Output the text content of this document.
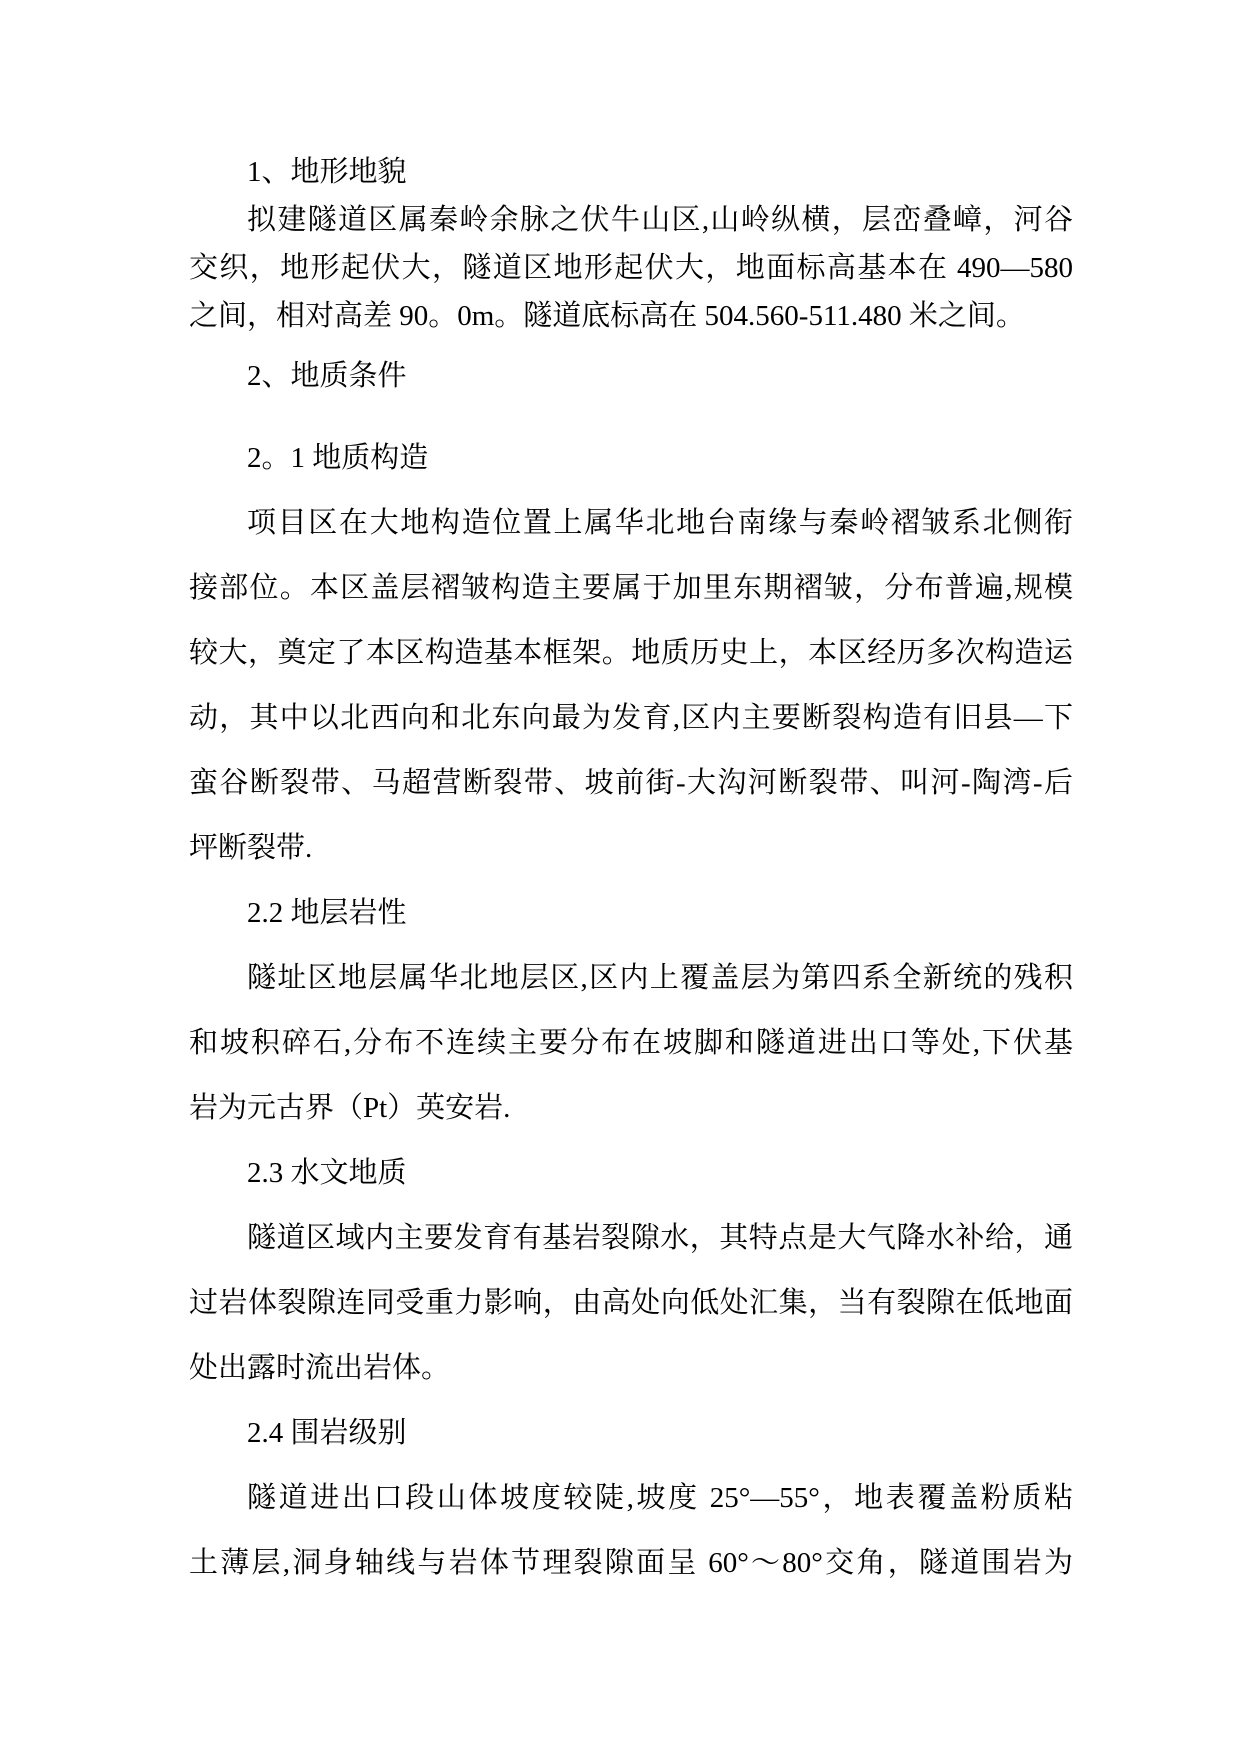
1、地形地貌
拟建隧道区属秦岭余脉之伏牛山区,山岭纵横，层峦叠嶂，河谷
交织，地形起伏大，隧道区地形起伏大，地面标高基本在 490—580
之间，相对高差 90。0m。隧道底标高在 504.560-511.480 米之间。
2、地质条件
2。1 地质构造
项目区在大地构造位置上属华北地台南缘与秦岭褶皱系北侧衔
接部位。本区盖层褶皱构造主要属于加里东期褶皱，分布普遍,规模
较大，奠定了本区构造基本框架。地质历史上，本区经历多次构造运
动，其中以北西向和北东向最为发育,区内主要断裂构造有旧县—下
蛮谷断裂带、马超营断裂带、坡前街-大沟河断裂带、叫河-陶湾-后
坪断裂带.
2.2 地层岩性
隧址区地层属华北地层区,区内上覆盖层为第四系全新统的残积
和坡积碎石,分布不连续主要分布在坡脚和隧道进出口等处,下伏基
岩为元古界（Pt）英安岩.
2.3 水文地质
隧道区域内主要发育有基岩裂隙水，其特点是大气降水补给，通
过岩体裂隙连同受重力影响，由高处向低处汇集，当有裂隙在低地面
处出露时流出岩体。
2.4 围岩级别
隧道进出口段山体坡度较陡,坡度 25°—55°，地表覆盖粉质粘
土薄层,洞身轴线与岩体节理裂隙面呈 60°～80°交角，隧道围岩为
